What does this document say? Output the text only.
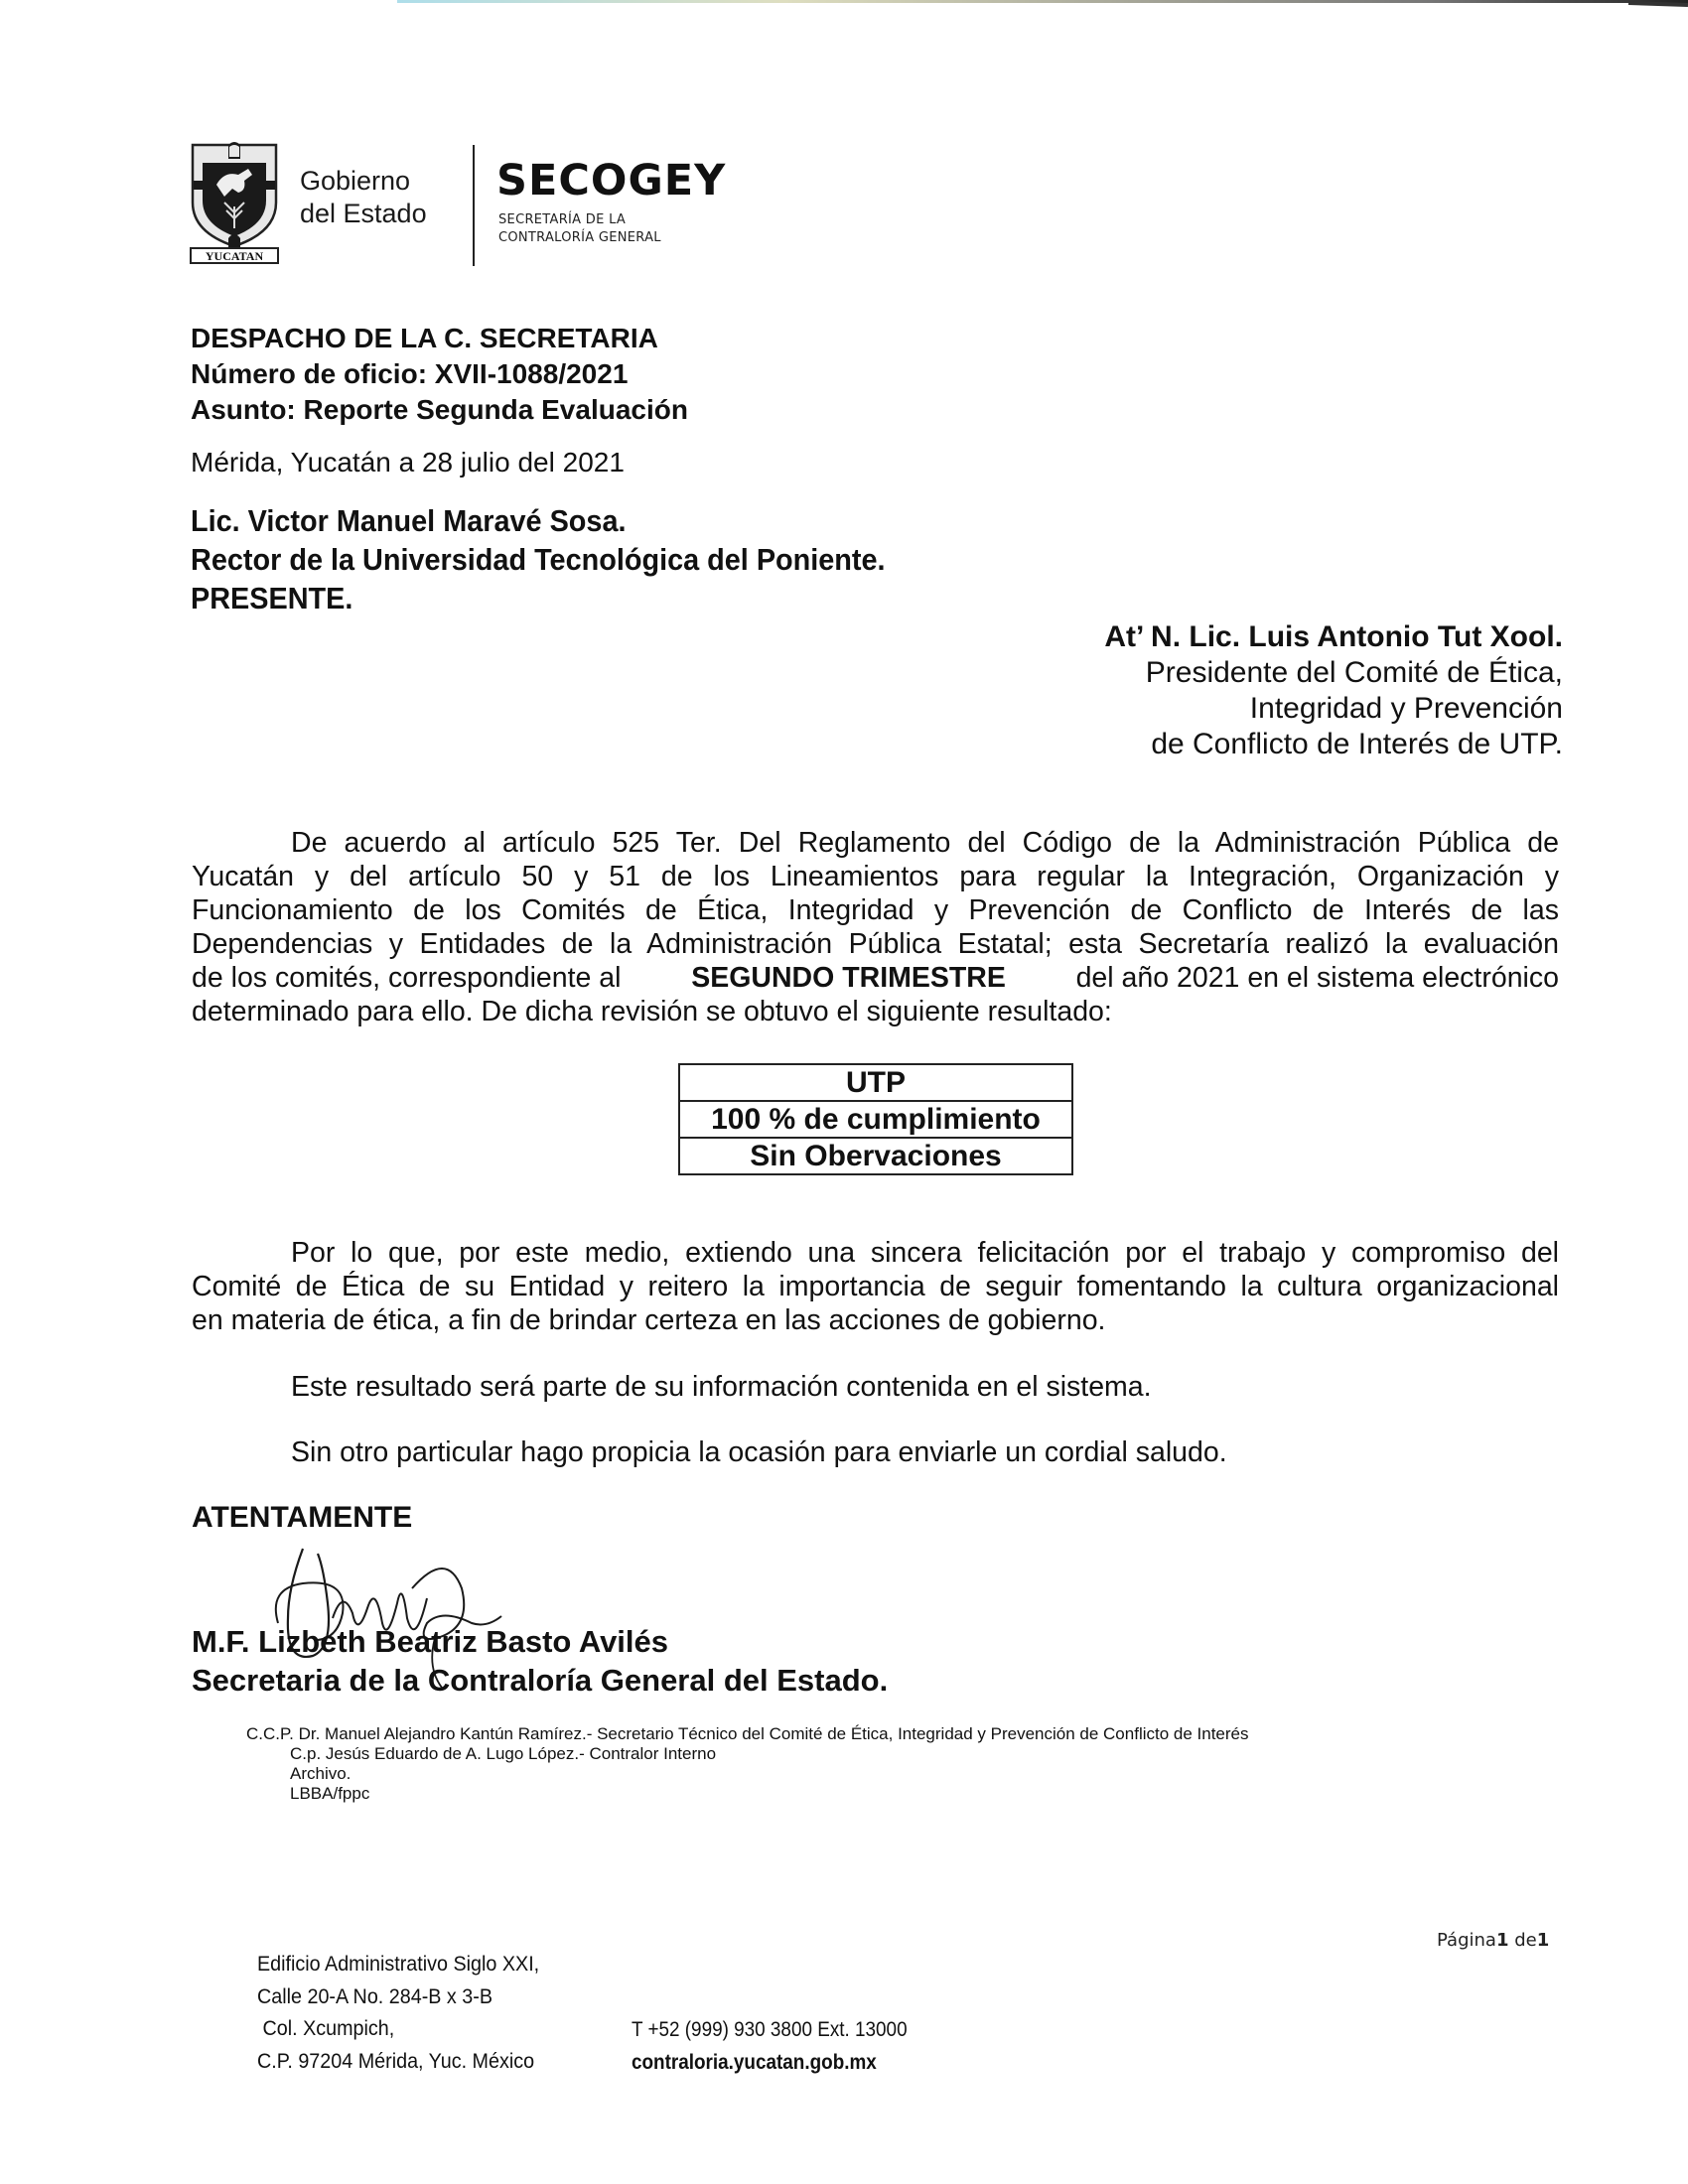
YUCATAN
Gobierno
del Estado
SECOGEY
SECRETARÍA DE LA
CONTRALORÍA GENERAL
DESPACHO DE LA C. SECRETARIA
Número de oficio: XVII-1088/2021
Asunto: Reporte Segunda Evaluación
Mérida, Yucatán a 28 julio del 2021
Lic. Victor Manuel Maravé Sosa.
Rector de la Universidad Tecnológica del Poniente.
PRESENTE.
At’ N. Lic. Luis Antonio Tut Xool.
Presidente del Comité de Ética,
Integridad y Prevención
de Conflicto de Interés de UTP.
De acuerdo al artículo 525 Ter. Del Reglamento del Código de la Administración Pública de
Yucatán y del artículo 50 y 51 de los Lineamientos para regular la Integración, Organización y
Funcionamiento de los Comités de Ética, Integridad y Prevención de Conflicto de Interés de las
Dependencias y Entidades de la Administración Pública Estatal; esta Secretaría realizó la evaluación
de los comités, correspondiente al SEGUNDO TRIMESTRE del año 2021 en el sistema electrónico
determinado para ello. De dicha revisión se obtuvo el siguiente resultado:
UTP
100 % de cumplimiento
Sin Obervaciones
Por lo que, por este medio, extiendo una sincera felicitación por el trabajo y compromiso del
Comité de Ética de su Entidad y reitero la importancia de seguir fomentando la cultura organizacional
en materia de ética, a fin de brindar certeza en las acciones de gobierno.
Este resultado será parte de su información contenida en el sistema.
Sin otro particular hago propicia la ocasión para enviarle un cordial saludo.
ATENTAMENTE
M.F. Lizbeth Beatriz Basto Avilés
Secretaria de la Contraloría General del Estado.
C.C.P. Dr. Manuel Alejandro Kantún Ramírez.- Secretario Técnico del Comité de Ética, Integridad y Prevención de Conflicto de Interés
C.p. Jesús Eduardo de A. Lugo López.- Contralor Interno
Archivo.
LBBA/fppc
Página1 de1
Edificio Administrativo Siglo XXI,
Calle 20-A No. 284-B x 3-B
Col. Xcumpich,
C.P. 97204 Mérida, Yuc. México
T +52 (999) 930 3800 Ext. 13000
contraloria.yucatan.gob.mx
